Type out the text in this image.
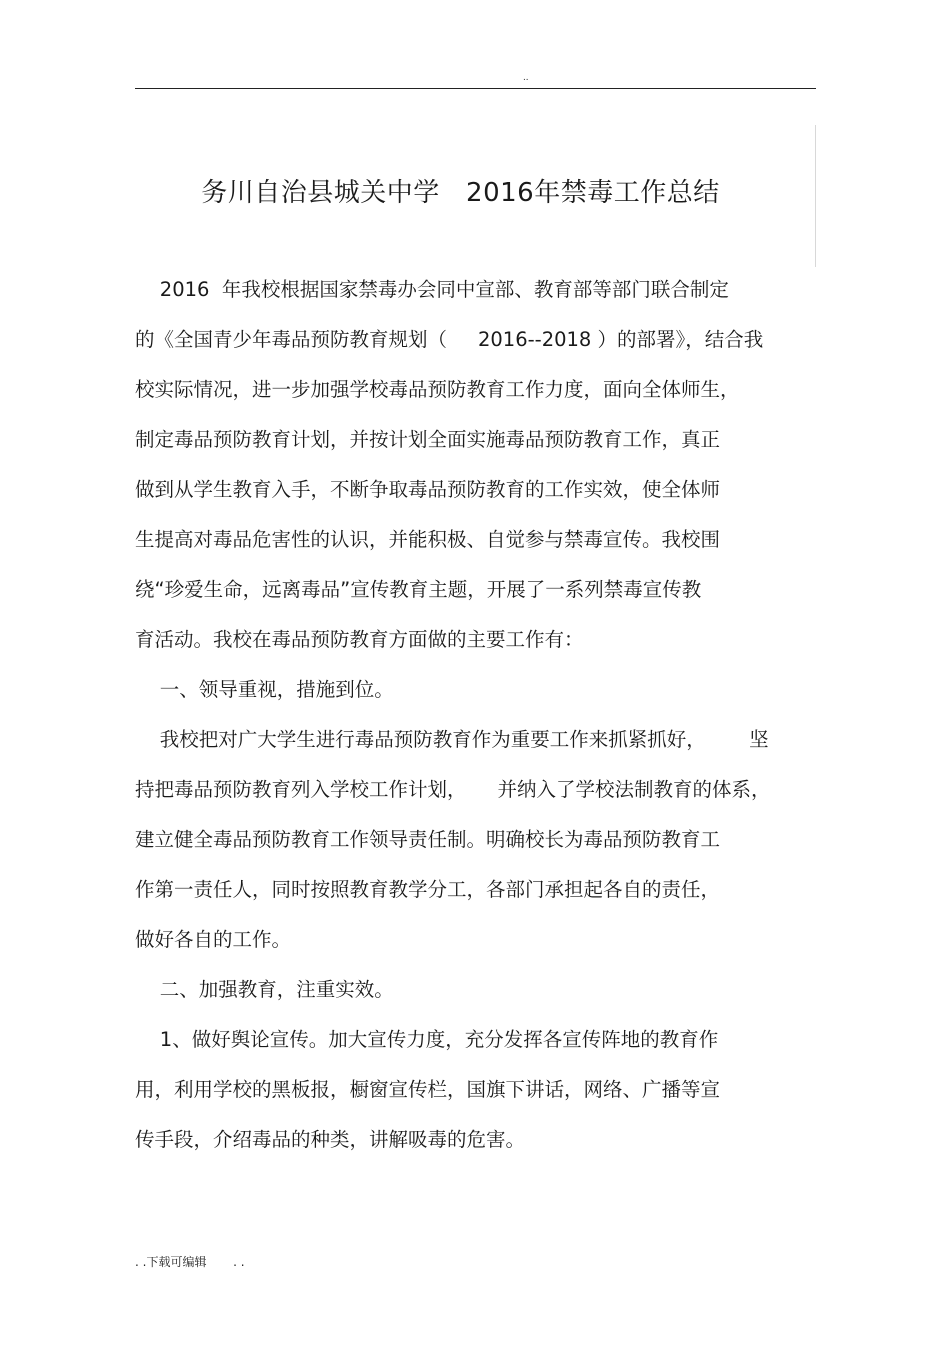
..
务川自治县城关中学   2016年禁毒工作总结
2016  年我校根据国家禁毒办会同中宣部、教育部等部门联合制定
的《全国青少年毒品预防教育规划（     2016--2018 ）的部署》，结合我
校实际情况，进一步加强学校毒品预防教育工作力度，面向全体师生，
制定毒品预防教育计划，并按计划全面实施毒品预防教育工作，真正
做到从学生教育入手，不断争取毒品预防教育的工作实效，使全体师
生提高对毒品危害性的认识，并能积极、自觉参与禁毒宣传。我校围
绕“珍爱生命，远离毒品”宣传教育主题，开展了一系列禁毒宣传教
育活动。我校在毒品预防教育方面做的主要工作有：
一、领导重视，措施到位。
我校把对广大学生进行毒品预防教育作为重要工作来抓紧抓好，       坚
持把毒品预防教育列入学校工作计划，     并纳入了学校法制教育的体系，
建立健全毒品预防教育工作领导责任制。明确校长为毒品预防教育工
作第一责任人，同时按照教育教学分工，各部门承担起各自的责任，
做好各自的工作。
二、加强教育，注重实效。
1、做好舆论宣传。加大宣传力度，充分发挥各宣传阵地的教育作
用，利用学校的黑板报，橱窗宣传栏，国旗下讲话，网络、广播等宣
传手段，介绍毒品的种类，讲解吸毒的危害。
. .下载可编辑       . .
